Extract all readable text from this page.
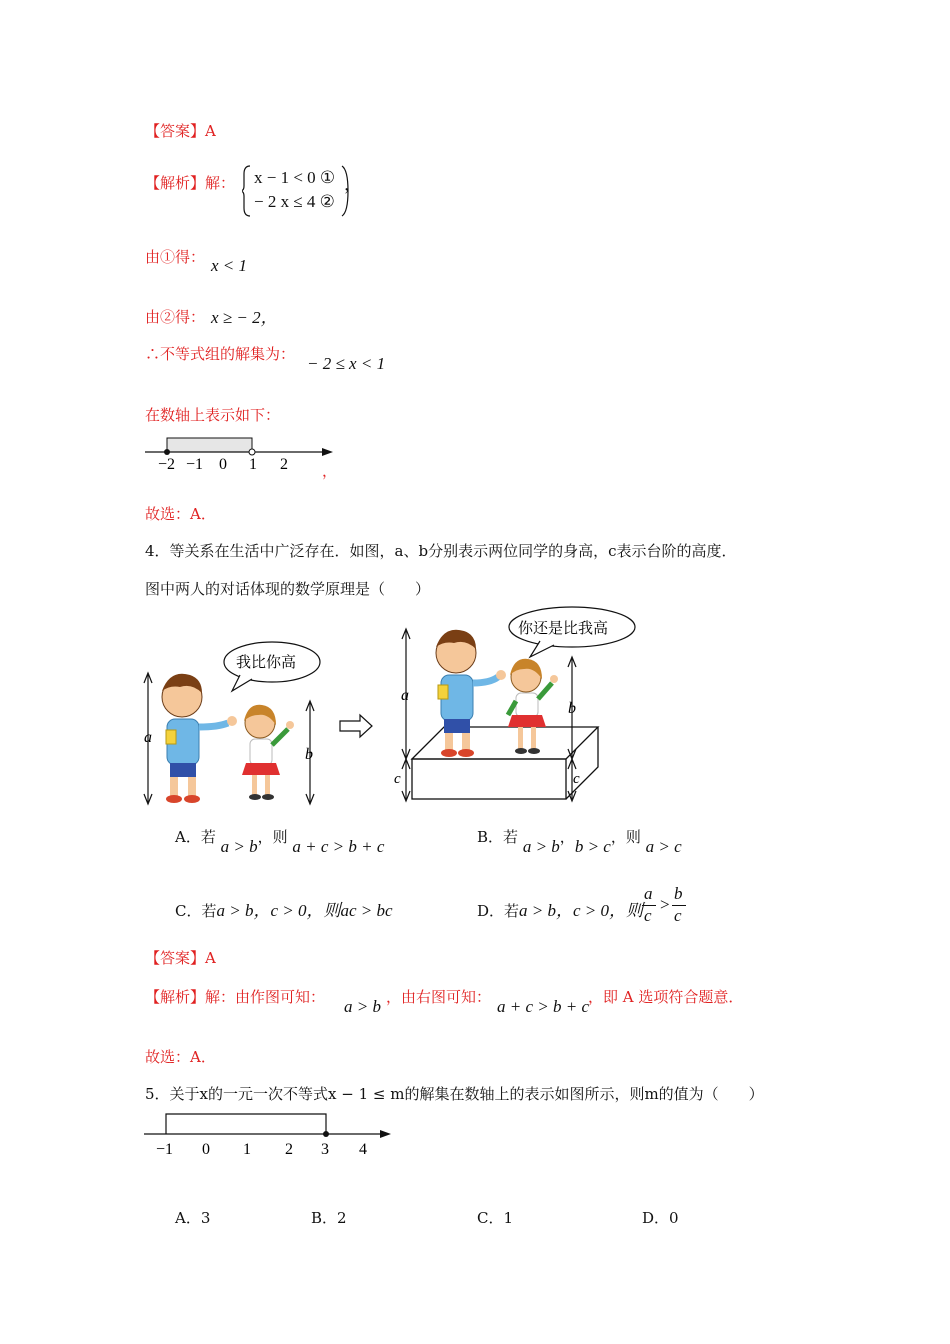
【答案】A
【解析】解： x − 1 < 0 ①
− 2 x ≤ 4 ②
，
由①得： x < 1
由②得： x ≥ − 2，
∴不等式组的解集为： − 2 ≤ x < 1
在数轴上表示如下：
−2 −1 0 1 2 ，
故选：A．
4．等关系在生活中广泛存在．如图，a、b分别表示两位同学的身高，c表示台阶的高度．
图中两人的对话体现的数学原理是（　　）
我比你高
a
b
你还是比我高
a
c
b
c
A．若 a > b，则 a + c > b + c	B．若 a > b，b > c，则 a > c
C．若a > b，c > 0，则ac > bc	D．若a > b，c > 0，则
a
c
>
b
c
【答案】A
【解析】解：由作图可知： a > b ，由右图可知： a + c > b + c
，即 A 选项符合题意．
故选：A．
5．关于x的一元一次不等式x − 1 ≤ m的解集在数轴上的表示如图所示，则m的值为（　　）
−1 0 1 2 3 4
A．3	B．2	C．1	D．0
